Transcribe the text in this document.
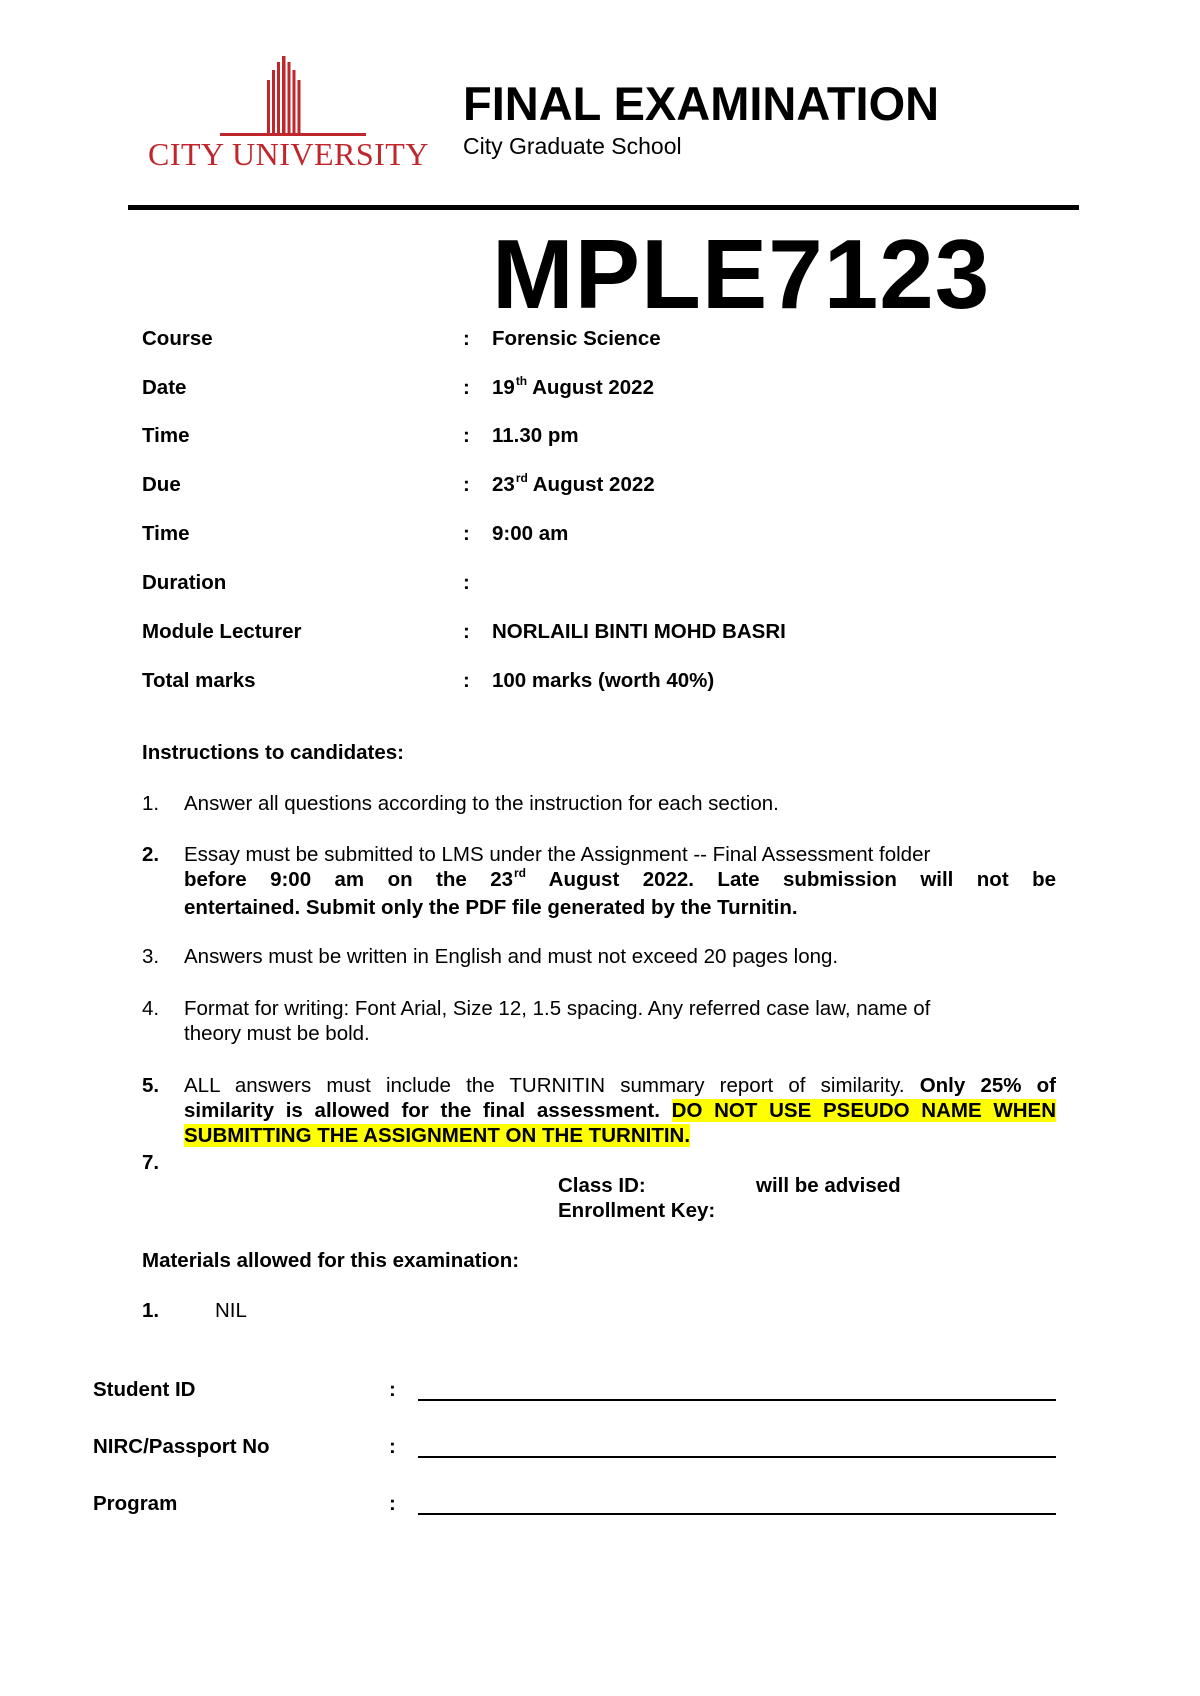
CITY UNIVERSITY
FINAL EXAMINATION
City Graduate School
MPLE7123
Course	: Forensic Science
Date	: 19th August 2022
Time	: 11.30 pm
Due	: 23rd August 2022
Time	: 9:00 am
Duration	:
Module Lecturer	: NORLAILI BINTI MOHD BASRI
Total marks	: 100 marks (worth 40%)
Instructions to candidates:
1. Answer all questions according to the instruction for each section.
2. Essay must be submitted to LMS under the Assignment -- Final Assessment folder
before 9:00 am on the 23rd August 2022. Late submission will not be
entertained. Submit only the PDF file generated by the Turnitin.
3. Answers must be written in English and must not exceed 20 pages long.
4. Format for writing: Font Arial, Size 12, 1.5 spacing. Any referred case law, name of
theory must be bold.
5. ALL answers must include the TURNITIN summary report of similarity. Only 25% of
similarity is allowed for the final assessment. DO NOT USE PSEUDO NAME WHEN
SUBMITTING THE ASSIGNMENT ON THE TURNITIN.
7.
Class ID:	will be advised
Enrollment Key:
Materials allowed for this examination:
1.	NIL
Student ID	:
NIRC/Passport No	:
Program	:
